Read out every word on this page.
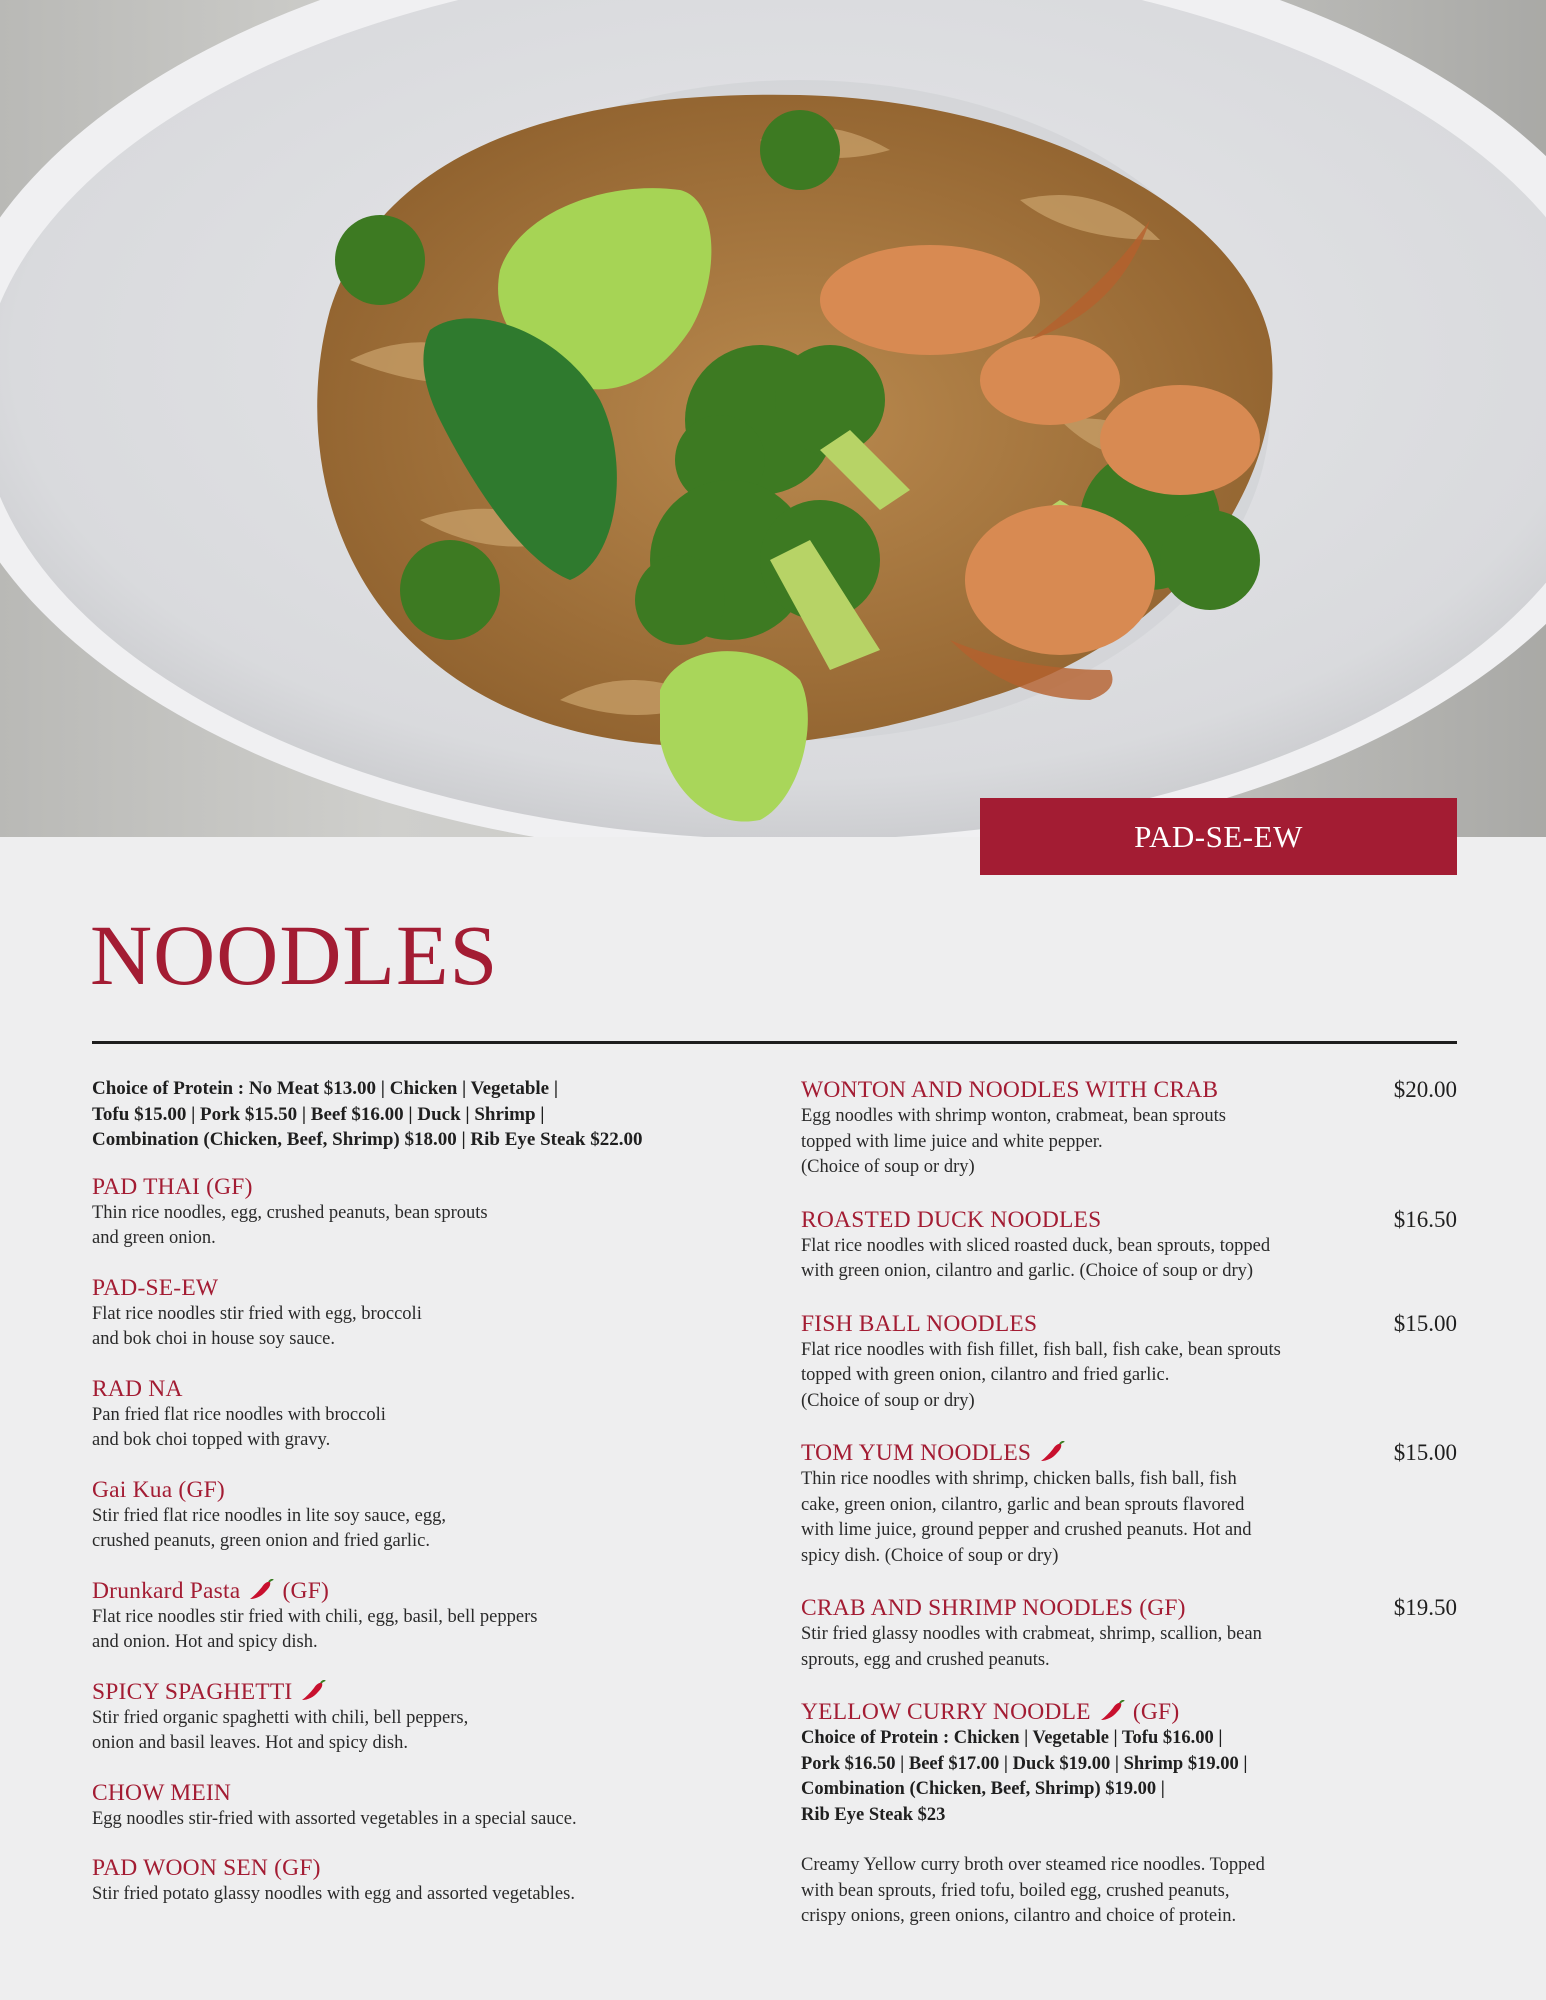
PAD-SE-EW
NOODLES
Choice of Protein : No Meat $13.00 | Chicken | Vegetable |
Tofu $15.00 | Pork $15.50 | Beef $16.00 | Duck | Shrimp |
Combination (Chicken, Beef, Shrimp) $18.00 | Rib Eye Steak $22.00
PAD THAI (GF)
Thin rice noodles, egg, crushed peanuts, bean sprouts
and green onion.
PAD-SE-EW
Flat rice noodles stir fried with egg, broccoli
and bok choi in house soy sauce.
RAD NA
Pan fried flat rice noodles with broccoli
and bok choi topped with gravy.
Gai Kua (GF)
Stir fried flat rice noodles in lite soy sauce, egg,
crushed peanuts, green onion and fried garlic.
Drunkard Pasta (GF)
Flat rice noodles stir fried with chili, egg, basil, bell peppers
and onion. Hot and spicy dish.
SPICY SPAGHETTI
Stir fried organic spaghetti with chili, bell peppers,
onion and basil leaves. Hot and spicy dish.
CHOW MEIN
Egg noodles stir-fried with assorted vegetables in a special sauce.
PAD WOON SEN (GF)
Stir fried potato glassy noodles with egg and assorted vegetables.
WONTON AND NOODLES WITH CRAB	$20.00
Egg noodles with shrimp wonton, crabmeat, bean sprouts
topped with lime juice and white pepper.
(Choice of soup or dry)
ROASTED DUCK NOODLES	$16.50
Flat rice noodles with sliced roasted duck, bean sprouts, topped
with green onion, cilantro and garlic. (Choice of soup or dry)
FISH BALL NOODLES	$15.00
Flat rice noodles with fish fillet, fish ball, fish cake, bean sprouts
topped with green onion, cilantro and fried garlic.
(Choice of soup or dry)
TOM YUM NOODLES	$15.00
Thin rice noodles with shrimp, chicken balls, fish ball, fish
cake, green onion, cilantro, garlic and bean sprouts flavored
with lime juice, ground pepper and crushed peanuts. Hot and
spicy dish. (Choice of soup or dry)
CRAB AND SHRIMP NOODLES (GF)	$19.50
Stir fried glassy noodles with crabmeat, shrimp, scallion, bean
sprouts, egg and crushed peanuts.
YELLOW CURRY NOODLE (GF)
Choice of Protein : Chicken | Vegetable | Tofu $16.00 |
Pork $16.50 | Beef $17.00 | Duck $19.00 | Shrimp $19.00 |
Combination (Chicken, Beef, Shrimp) $19.00 |
Rib Eye Steak $23
Creamy Yellow curry broth over steamed rice noodles. Topped
with bean sprouts, fried tofu, boiled egg, crushed peanuts,
crispy onions, green onions, cilantro and choice of protein.
